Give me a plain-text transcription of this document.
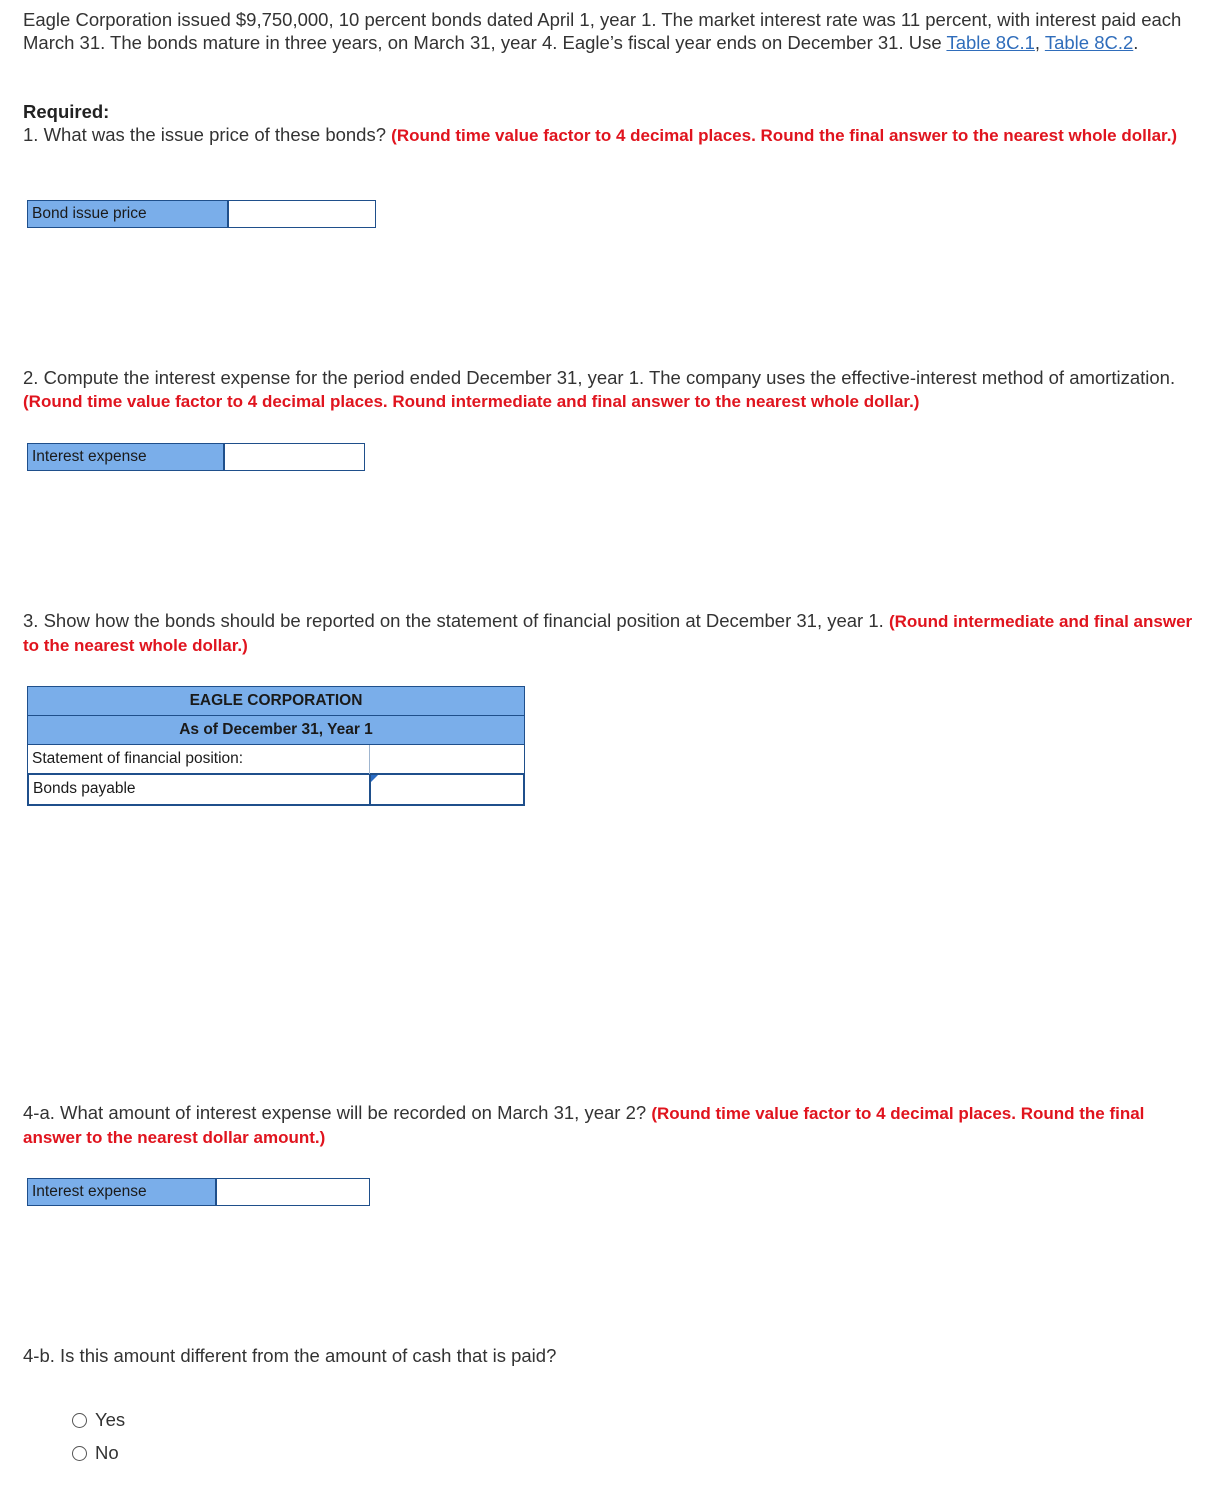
Eagle Corporation issued $9,750,000, 10 percent bonds dated April 1, year 1. The market interest rate was 11 percent, with interest paid each March 31. The bonds mature in three years, on March 31, year 4. Eagle’s fiscal year ends on December 31. Use Table 8C.1, Table 8C.2.
Required:
1. What was the issue price of these bonds? (Round time value factor to 4 decimal places. Round the final answer to the nearest whole dollar.)
Bond issue price
2. Compute the interest expense for the period ended December 31, year 1. The company uses the effective-interest method of amortization. (Round time value factor to 4 decimal places. Round intermediate and final answer to the nearest whole dollar.)
Interest expense
3. Show how the bonds should be reported on the statement of financial position at December 31, year 1. (Round intermediate and final answer to the nearest whole dollar.)
EAGLE CORPORATION
As of December 31, Year 1
Statement of financial position:
Bonds payable
4-a. What amount of interest expense will be recorded on March 31, year 2? (Round time value factor to 4 decimal places. Round the final answer to the nearest dollar amount.)
Interest expense
4-b. Is this amount different from the amount of cash that is paid?
Yes
No
